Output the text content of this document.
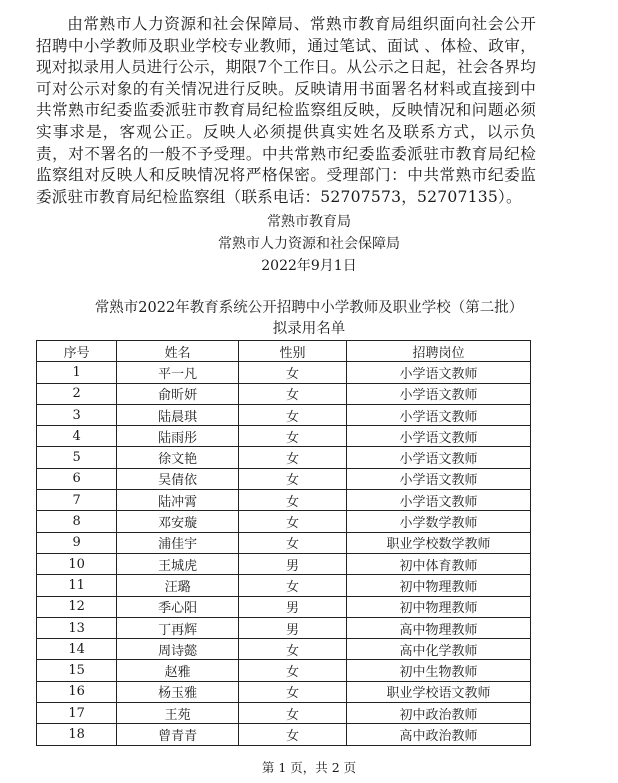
由常熟市人力资源和社会保障局、常熟市教育局组织面向社会公开招聘中小学教师及职业学校专业教师，通过笔试、面试 、体检、政审，现对拟录用人员进行公示，期限7个工作日。从公示之日起，社会各界均可对公示对象的有关情况进行反映。反映请用书面署名材料或直接到中共常熟市纪委监委派驻市教育局纪检监察组反映，反映情况和问题必须实事求是，客观公正。反映人必须提供真实姓名及联系方式，以示负责，对不署名的一般不予受理。中共常熟市纪委监委派驻市教育局纪检监察组对反映人和反映情况将严格保密。受理部门：中共常熟市纪委监委派驻市教育局纪检监察组（联系电话：52707573，52707135）。
常熟市教育局
常熟市人力资源和社会保障局
2022年9月1日
常熟市2022年教育系统公开招聘中小学教师及职业学校（第二批）
拟录用名单
序号	姓名	性别	招聘岗位
1	平一凡	女	小学语文教师
2	俞昕妍	女	小学语文教师
3	陆晨琪	女	小学语文教师
4	陆雨彤	女	小学语文教师
5	徐文艳	女	小学语文教师
6	吴倩依	女	小学语文教师
7	陆冲霄	女	小学语文教师
8	邓安璇	女	小学数学教师
9	浦佳宇	女	职业学校数学教师
10	王城虎	男	初中体育教师
11	汪璐	女	初中物理教师
12	季心阳	男	初中物理教师
13	丁再辉	男	高中物理教师
14	周诗懿	女	高中化学教师
15	赵雅	女	初中生物教师
16	杨玉雅	女	职业学校语文教师
17	王苑	女	初中政治教师
18	曾青青	女	高中政治教师
第 1 页，共 2 页
